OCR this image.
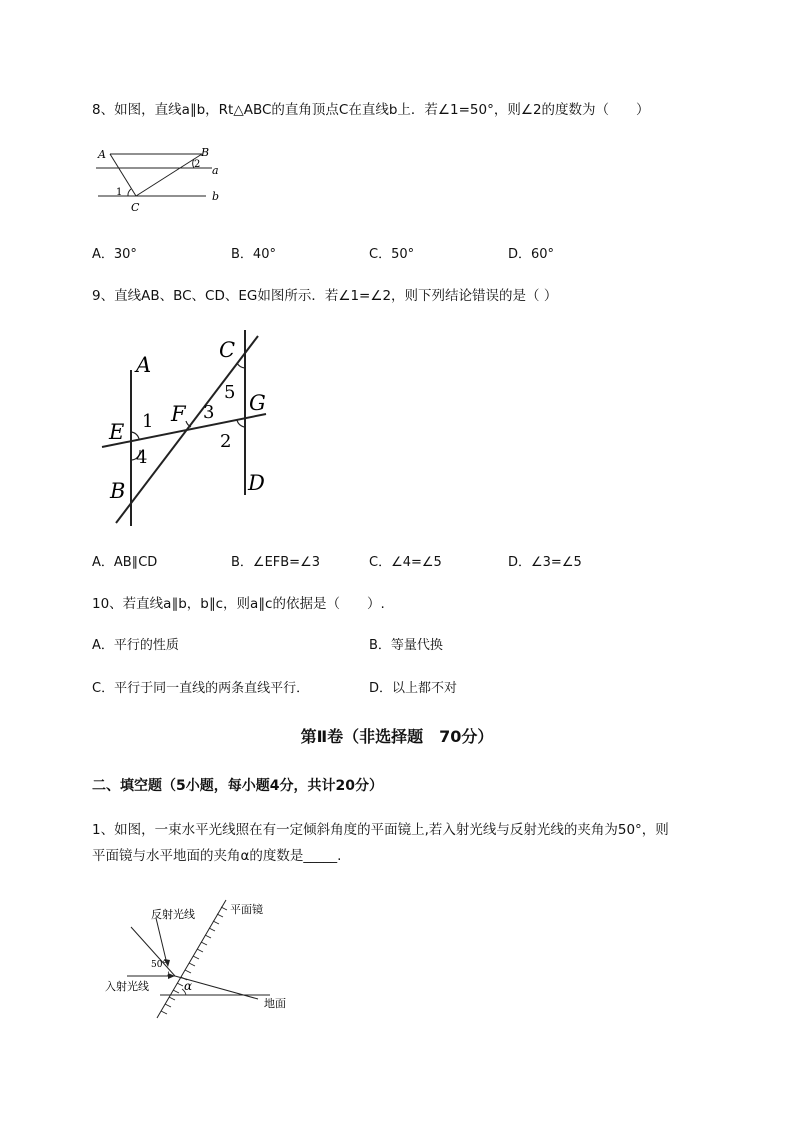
8、如图，直线a∥b，Rt△ABC的直角顶点C在直线b上．若∠1=50°，则∠2的度数为（　　）
A	B
C
a
b
1
2
A．30°	B．40°	C．50°	D．60°
9、直线AB、BC、CD、EG如图所示．若∠1=∠2，则下列结论错误的是（ ）
A
B
C
D
E
F	G
1
2
3
4
5
A．AB∥CD	B．∠EFB=∠3	C．∠4=∠5	D．∠3=∠5
10、若直线a∥b，b∥c，则a∥c的依据是（　　）.
A．平行的性质	B．等量代换
C．平行于同一直线的两条直线平行．	D．以上都不对
第Ⅱ卷（非选择题　70分）
二、填空题（5小题，每小题4分，共计20分）
1、如图，一束水平光线照在有一定倾斜角度的平面镜上,若入射光线与反射光线的夹角为50°，则
平面镜与水平地面的夹角α的度数是_____.
反射光线	平面镜
50°
入射光线	α
地面
